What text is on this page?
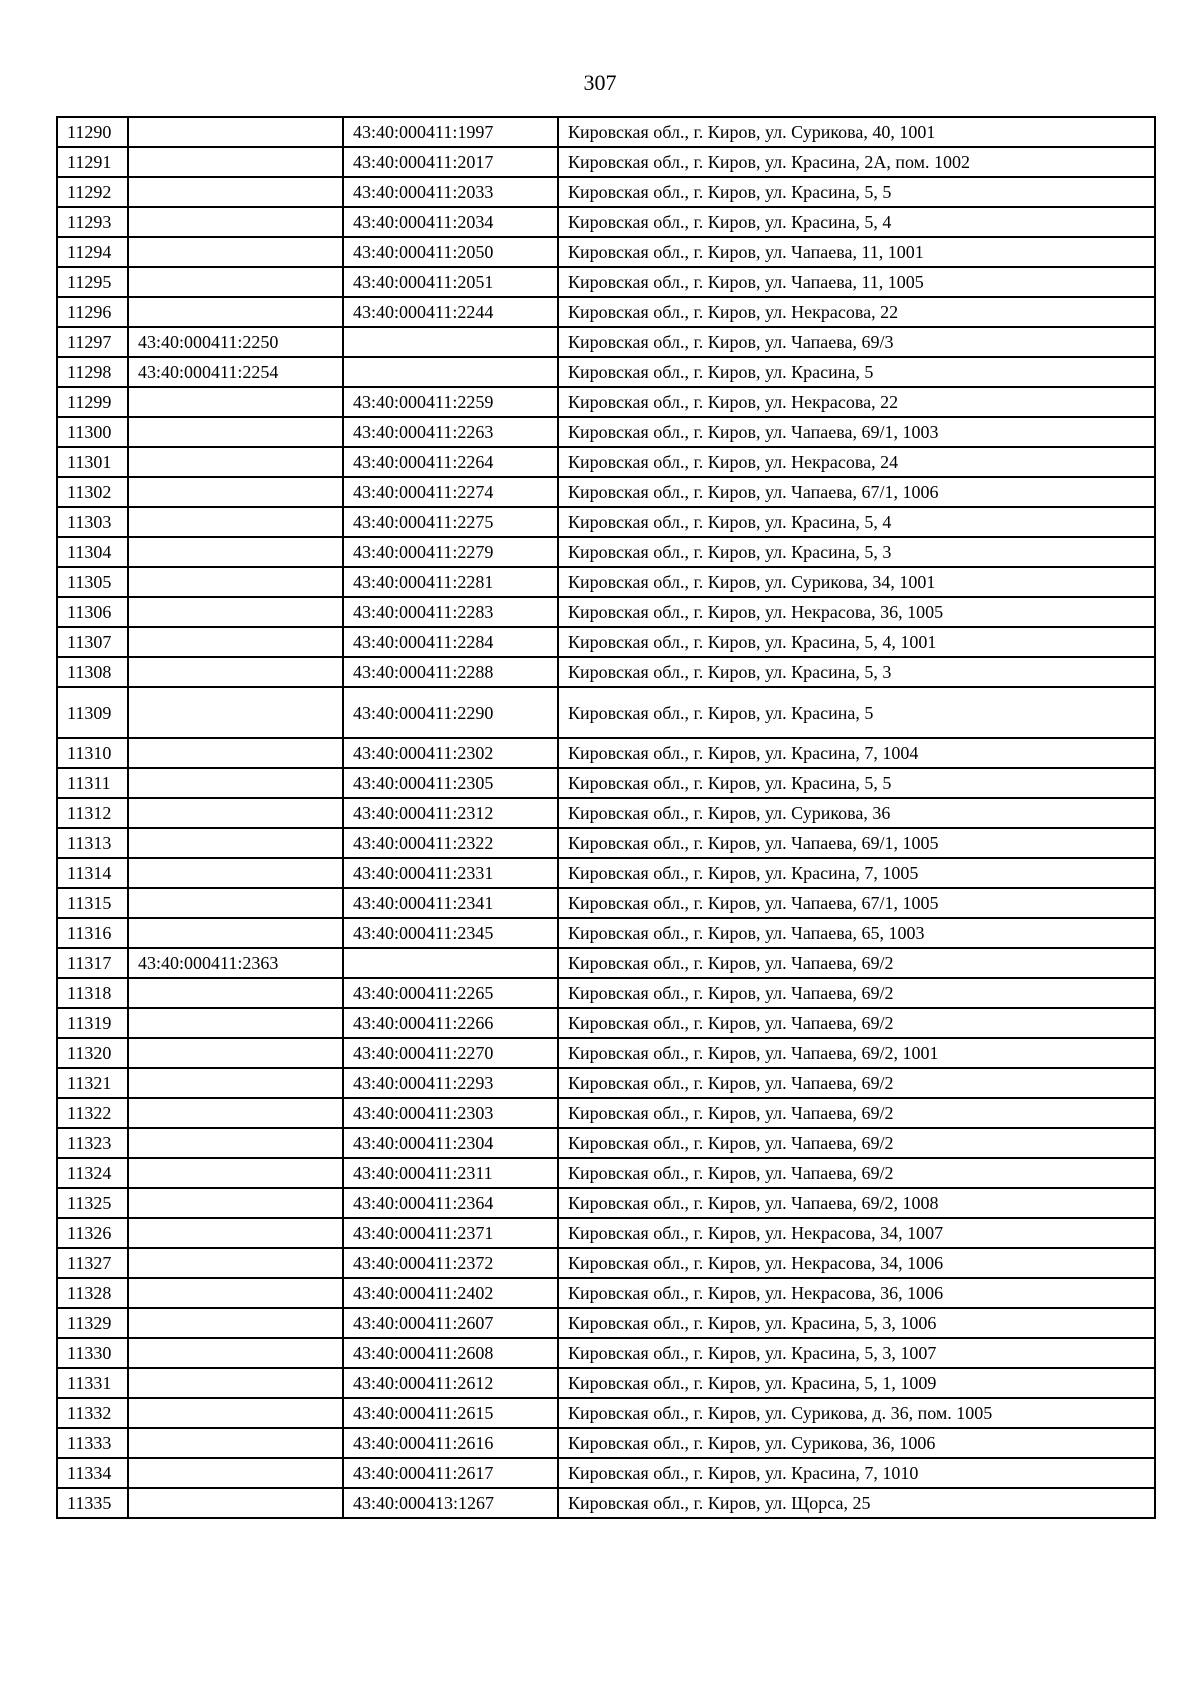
307
11290		43:40:000411:1997	Кировская обл., г. Киров, ул. Сурикова, 40, 1001
11291		43:40:000411:2017	Кировская обл., г. Киров, ул. Красина, 2А, пом. 1002
11292		43:40:000411:2033	Кировская обл., г. Киров, ул. Красина, 5, 5
11293		43:40:000411:2034	Кировская обл., г. Киров, ул. Красина, 5, 4
11294		43:40:000411:2050	Кировская обл., г. Киров, ул. Чапаева, 11, 1001
11295		43:40:000411:2051	Кировская обл., г. Киров, ул. Чапаева, 11, 1005
11296		43:40:000411:2244	Кировская обл., г. Киров, ул. Некрасова, 22
11297	43:40:000411:2250		Кировская обл., г. Киров, ул. Чапаева, 69/3
11298	43:40:000411:2254		Кировская обл., г. Киров, ул. Красина, 5
11299		43:40:000411:2259	Кировская обл., г. Киров, ул. Некрасова, 22
11300		43:40:000411:2263	Кировская обл., г. Киров, ул. Чапаева, 69/1, 1003
11301		43:40:000411:2264	Кировская обл., г. Киров, ул. Некрасова, 24
11302		43:40:000411:2274	Кировская обл., г. Киров, ул. Чапаева, 67/1, 1006
11303		43:40:000411:2275	Кировская обл., г. Киров, ул. Красина, 5, 4
11304		43:40:000411:2279	Кировская обл., г. Киров, ул. Красина, 5, 3
11305		43:40:000411:2281	Кировская обл., г. Киров, ул. Сурикова, 34, 1001
11306		43:40:000411:2283	Кировская обл., г. Киров, ул. Некрасова, 36, 1005
11307		43:40:000411:2284	Кировская обл., г. Киров, ул. Красина, 5, 4, 1001
11308		43:40:000411:2288	Кировская обл., г. Киров, ул. Красина, 5, 3
11309		43:40:000411:2290	Кировская обл., г. Киров, ул. Красина, 5
11310		43:40:000411:2302	Кировская обл., г. Киров, ул. Красина, 7, 1004
11311		43:40:000411:2305	Кировская обл., г. Киров, ул. Красина, 5, 5
11312		43:40:000411:2312	Кировская обл., г. Киров, ул. Сурикова, 36
11313		43:40:000411:2322	Кировская обл., г. Киров, ул. Чапаева, 69/1, 1005
11314		43:40:000411:2331	Кировская обл., г. Киров, ул. Красина, 7, 1005
11315		43:40:000411:2341	Кировская обл., г. Киров, ул. Чапаева, 67/1, 1005
11316		43:40:000411:2345	Кировская обл., г. Киров, ул. Чапаева, 65, 1003
11317	43:40:000411:2363		Кировская обл., г. Киров, ул. Чапаева, 69/2
11318		43:40:000411:2265	Кировская обл., г. Киров, ул. Чапаева, 69/2
11319		43:40:000411:2266	Кировская обл., г. Киров, ул. Чапаева, 69/2
11320		43:40:000411:2270	Кировская обл., г. Киров, ул. Чапаева, 69/2, 1001
11321		43:40:000411:2293	Кировская обл., г. Киров, ул. Чапаева, 69/2
11322		43:40:000411:2303	Кировская обл., г. Киров, ул. Чапаева, 69/2
11323		43:40:000411:2304	Кировская обл., г. Киров, ул. Чапаева, 69/2
11324		43:40:000411:2311	Кировская обл., г. Киров, ул. Чапаева, 69/2
11325		43:40:000411:2364	Кировская обл., г. Киров, ул. Чапаева, 69/2, 1008
11326		43:40:000411:2371	Кировская обл., г. Киров, ул. Некрасова, 34, 1007
11327		43:40:000411:2372	Кировская обл., г. Киров, ул. Некрасова, 34, 1006
11328		43:40:000411:2402	Кировская обл., г. Киров, ул. Некрасова, 36, 1006
11329		43:40:000411:2607	Кировская обл., г. Киров, ул. Красина, 5, 3, 1006
11330		43:40:000411:2608	Кировская обл., г. Киров, ул. Красина, 5, 3, 1007
11331		43:40:000411:2612	Кировская обл., г. Киров, ул. Красина, 5, 1, 1009
11332		43:40:000411:2615	Кировская обл., г. Киров, ул. Сурикова, д. 36, пом. 1005
11333		43:40:000411:2616	Кировская обл., г. Киров, ул. Сурикова, 36, 1006
11334		43:40:000411:2617	Кировская обл., г. Киров, ул. Красина, 7, 1010
11335		43:40:000413:1267	Кировская обл., г. Киров, ул. Щорса, 25
